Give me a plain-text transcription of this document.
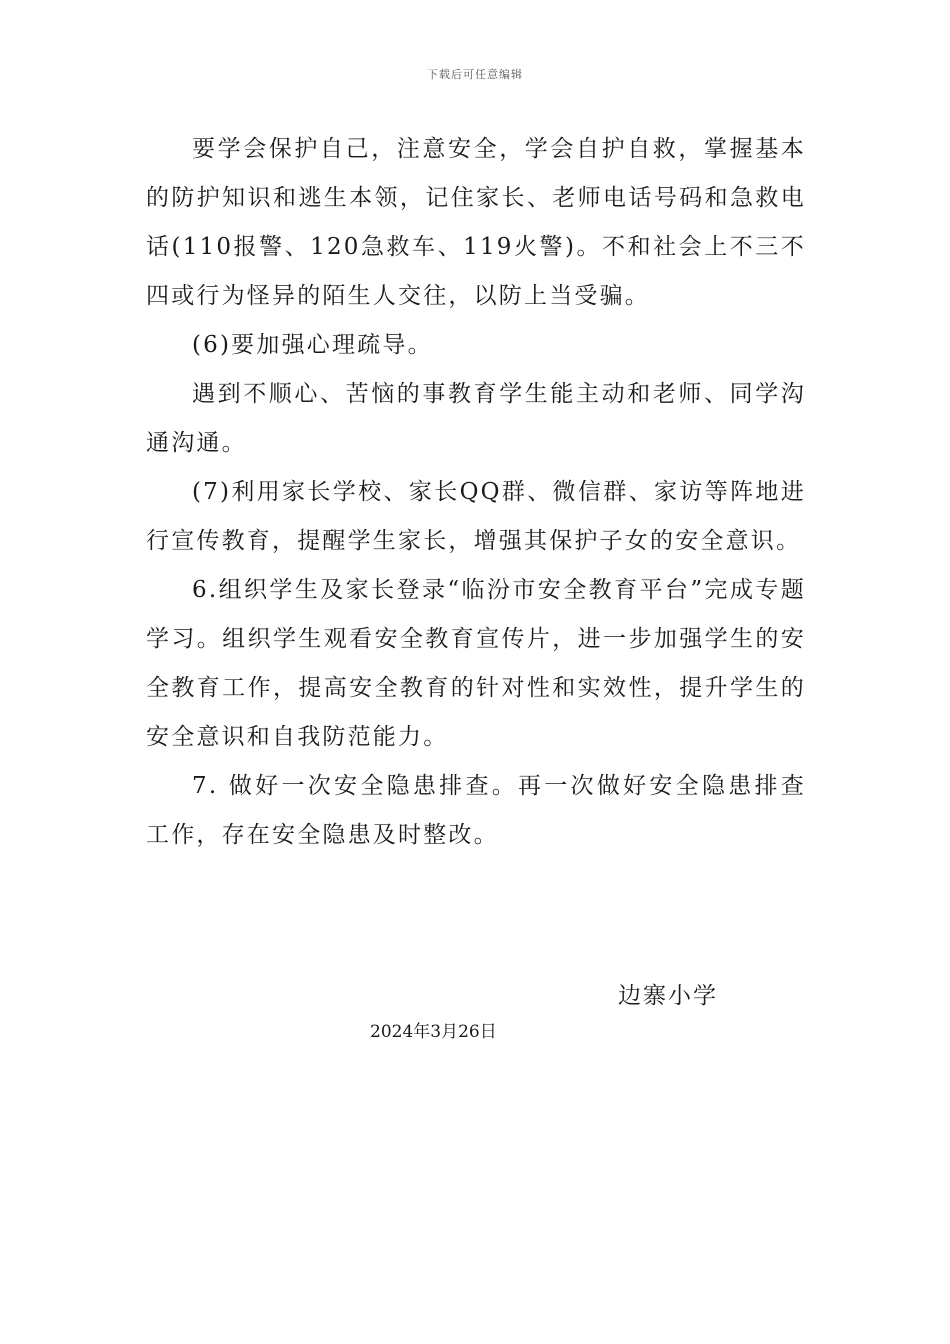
下载后可任意编辑

要学会保护自己，注意安全，学会自护自救，掌握基本的防护知识和逃生本领，记住家长、老师电话号码和急救电话(110报警、120急救车、119火警)。不和社会上不三不四或行为怪异的陌生人交往，以防上当受骗。

(6)要加强心理疏导。

遇到不顺心、苦恼的事教育学生能主动和老师、同学沟通沟通。

(7)利用家长学校、家长QQ群、微信群、家访等阵地进行宣传教育，提醒学生家长，增强其保护子女的安全意识。

6.组织学生及家长登录“临汾市安全教育平台”完成专题学习。组织学生观看安全教育宣传片，进一步加强学生的安全教育工作，提高安全教育的针对性和实效性，提升学生的安全意识和自我防范能力。

7. 做好一次安全隐患排查。再一次做好安全隐患排查工作，存在安全隐患及时整改。

边寨小学
2024年3月26日
